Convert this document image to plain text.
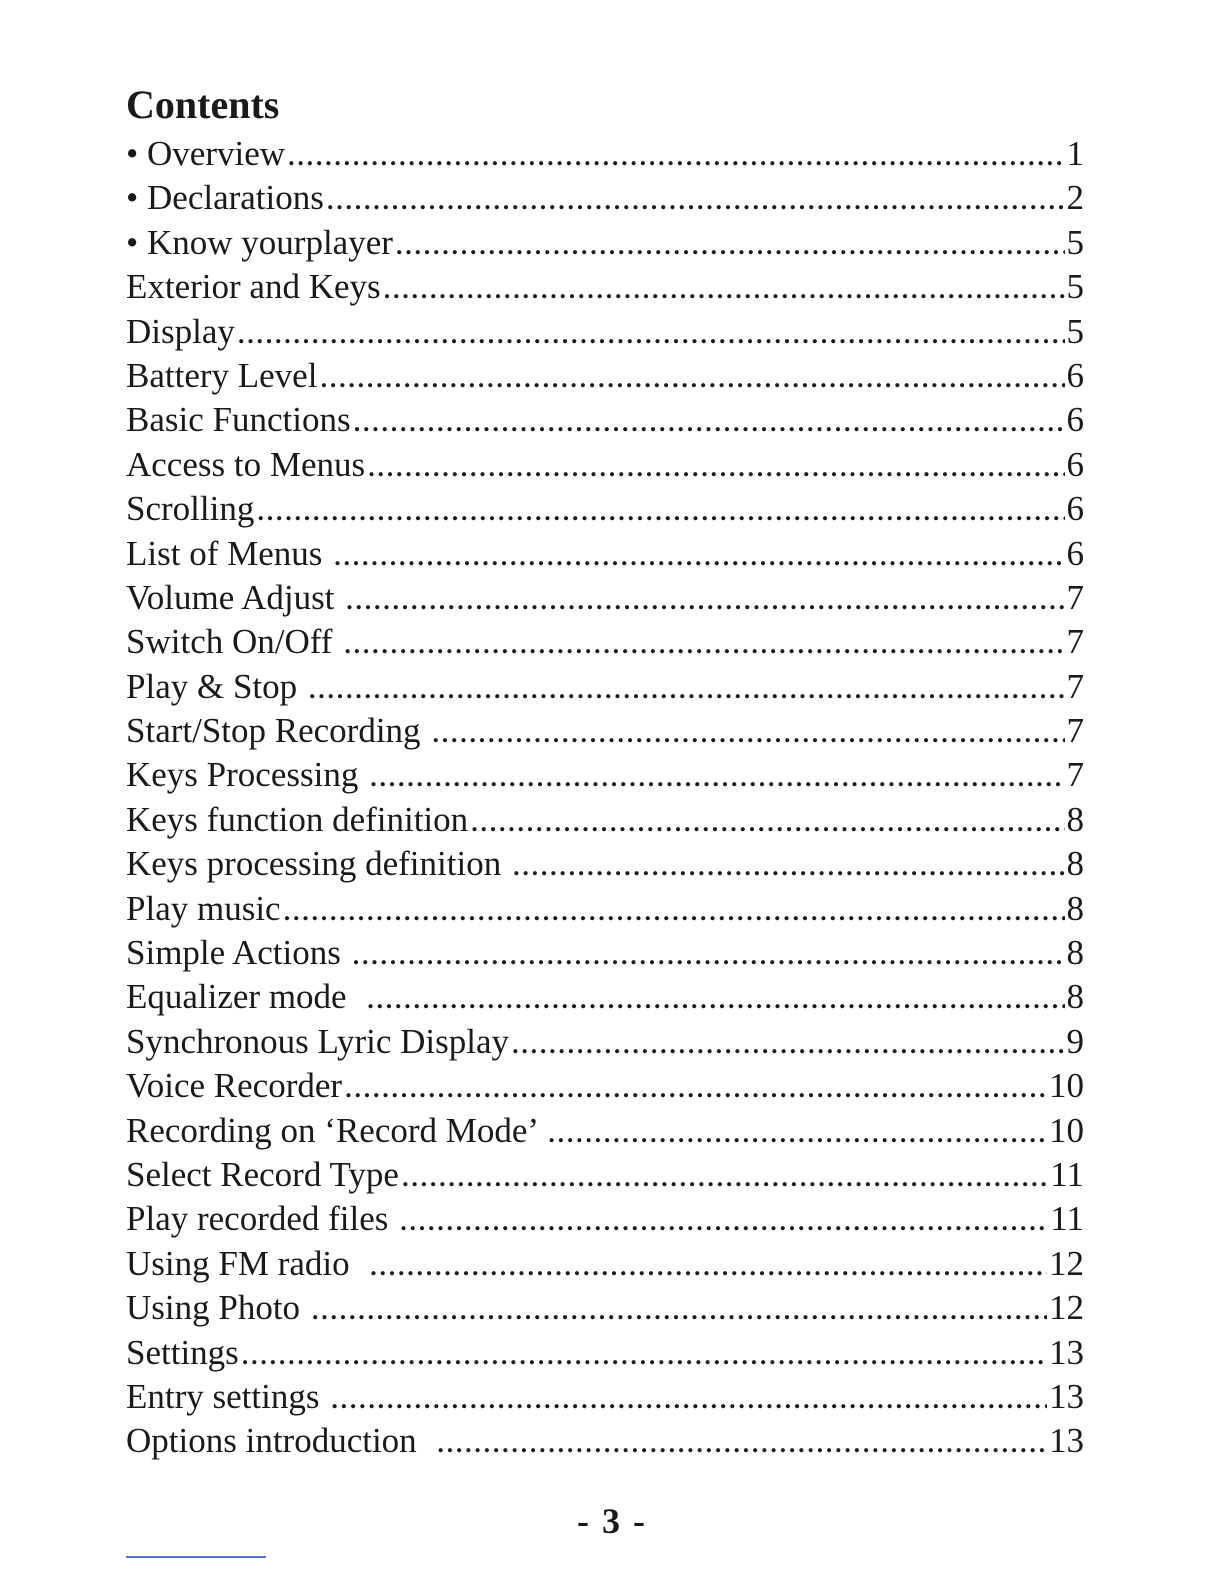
Contents
• Overview .....	1
• Declarations .....	2
• Know yourplayer .....	5
Exterior and Keys .....	5
Display .....	5
Battery Level .....	6
Basic Functions .....	6
Access to Menus .....	6
Scrolling .....	6
List of Menus .....	6
Volume Adjust .....	7
Switch On/Off .....	7
Play & Stop .....	7
Start/Stop Recording .....	7
Keys Processing .....	7
Keys function definition .....	8
Keys processing definition .....	8
Play music .....	8
Simple Actions .....	8
Equalizer mode .....	8
Synchronous Lyric Display .....	9
Voice Recorder .....	10
Recording on ‘Record Mode’ .....	10
Select Record Type .....	11
Play recorded files .....	11
Using FM radio .....	12
Using Photo .....	12
Settings .....	13
Entry settings .....	13
Options introduction .....	13
- 3 -
